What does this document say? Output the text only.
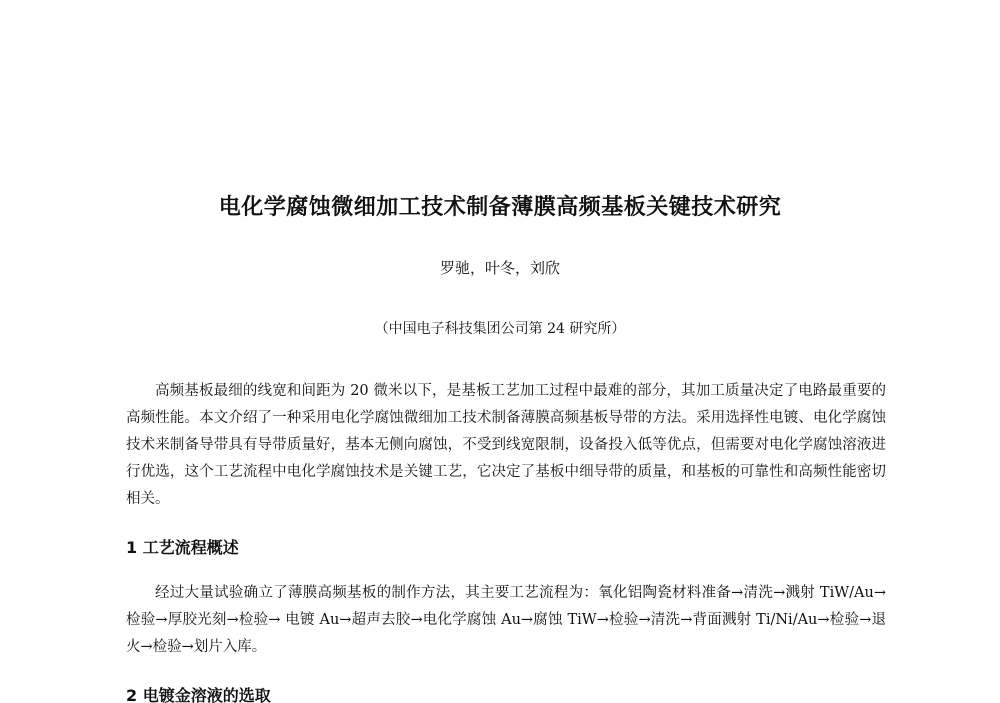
电化学腐蚀微细加工技术制备薄膜高频基板关键技术研究
罗驰，叶冬，刘欣
（中国电子科技集团公司第 24 研究所）

高频基板最细的线宽和间距为 20 微米以下，是基板工艺加工过程中最难的部分，其加工质量决定了电路最重要的高频性能。本文介绍了一种采用电化学腐蚀微细加工技术制备薄膜高频基板导带的方法。采用选择性电镀、电化学腐蚀技术来制备导带具有导带质量好，基本无侧向腐蚀，不受到线宽限制，设备投入低等优点，但需要对电化学腐蚀溶液进行优选，这个工艺流程中电化学腐蚀技术是关键工艺，它决定了基板中细导带的质量，和基板的可靠性和高频性能密切相关。

1 工艺流程概述

经过大量试验确立了薄膜高频基板的制作方法，其主要工艺流程为：氧化铝陶瓷材料准备→清洗→溅射 TiW/Au→检验→厚胶光刻→检验→ 电镀 Au→超声去胶→电化学腐蚀 Au→腐蚀 TiW→检验→清洗→背面溅射 Ti/Ni/Au→检验→退火→检验→划片入库。

2 电镀金溶液的选取
